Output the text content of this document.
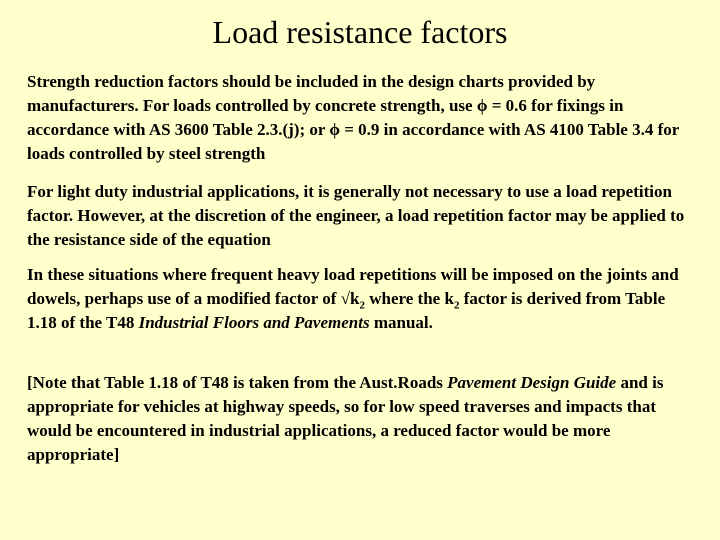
Load resistance factors

Strength reduction factors should be included in the design charts provided by manufacturers. For loads controlled by concrete strength, use ϕ = 0.6 for fixings in accordance with AS 3600 Table 2.3.(j); or ϕ = 0.9 in accordance with AS 4100 Table 3.4 for loads controlled by steel strength

For light duty industrial applications, it is generally not necessary to use a load repetition factor. However, at the discretion of the engineer, a load repetition factor may be applied to the resistance side of the equation

In these situations where frequent heavy load repetitions will be imposed on the joints and dowels, perhaps use of a modified factor of $√k_2$ where the $k_2$ factor is derived from Table 1.18 of the T48 Industrial Floors and Pavements manual.

[Note that Table 1.18 of T48 is taken from the Aust.Roads Pavement Design Guide and is appropriate for vehicles at highway speeds, so for low speed traverses and impacts that would be encountered in industrial applications, a reduced factor would be more appropriate]
